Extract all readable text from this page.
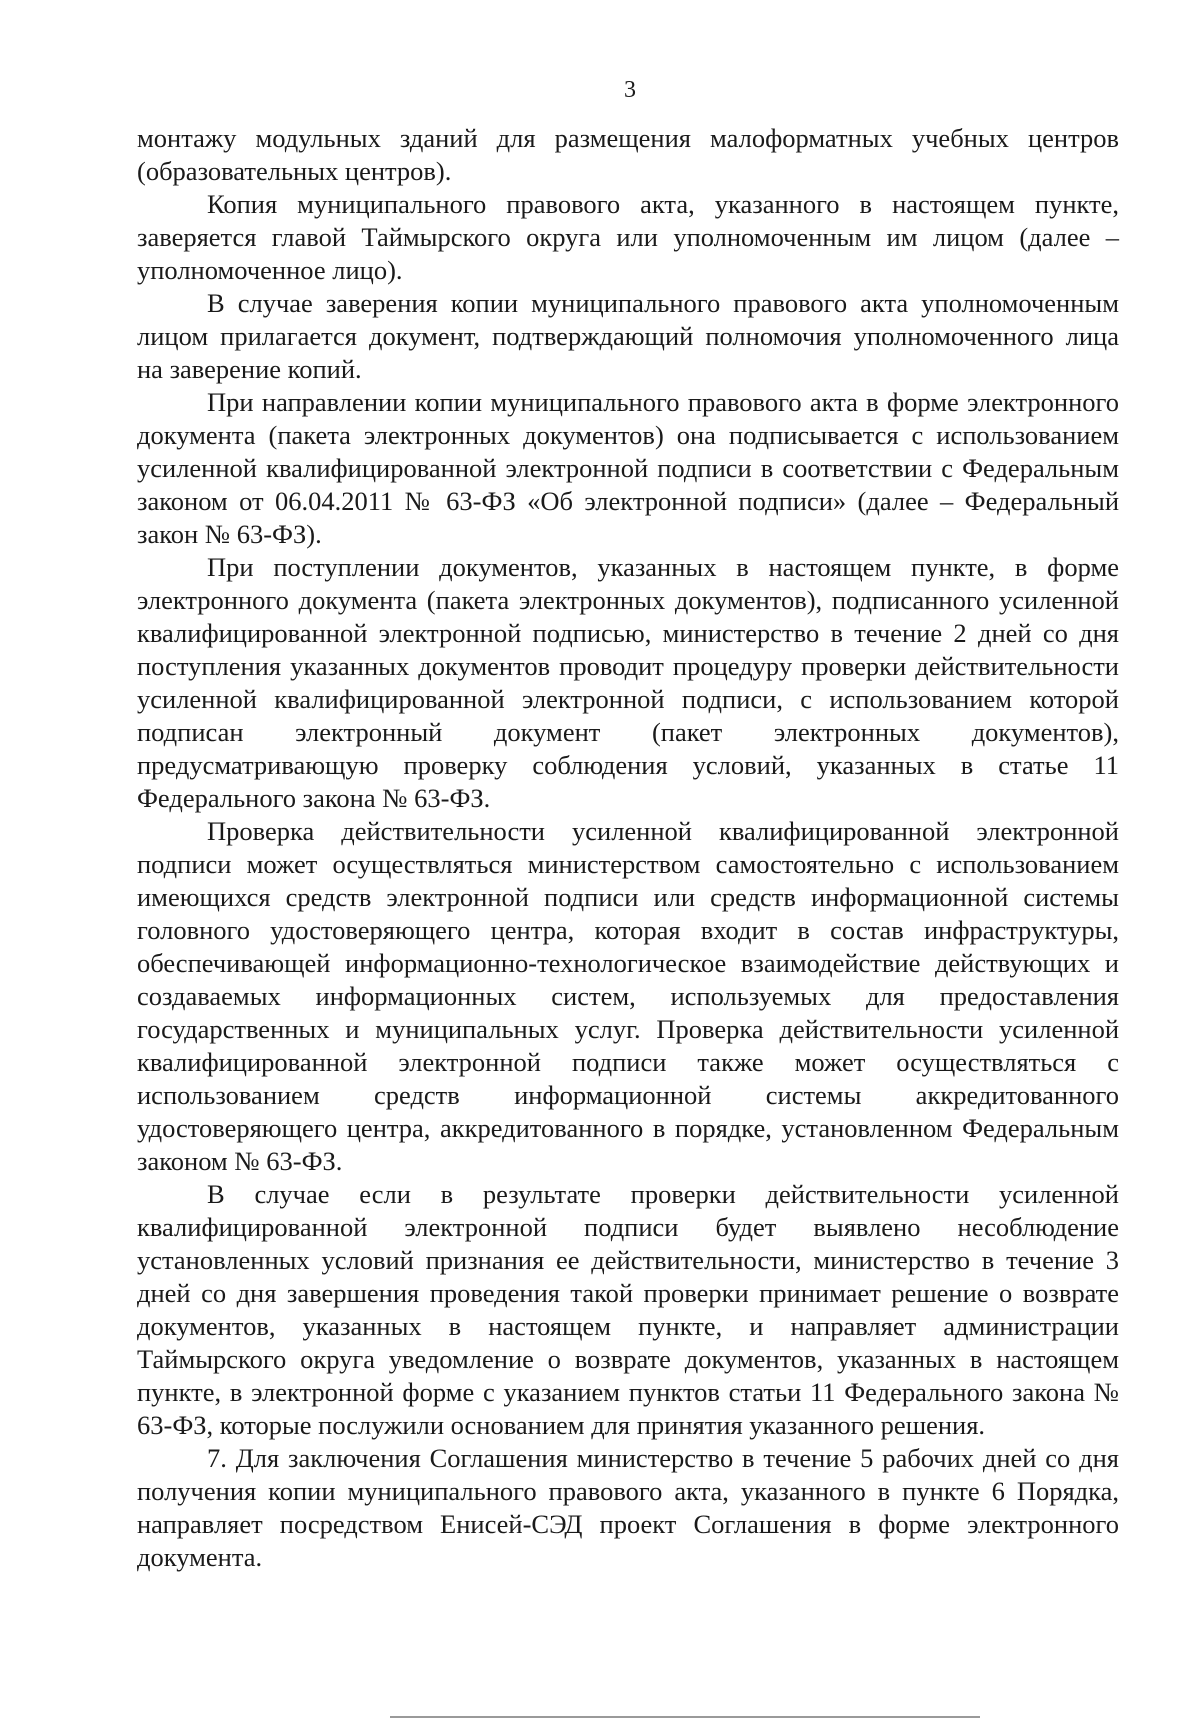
3

монтажу модульных зданий для размещения малоформатных учебных центров (образовательных центров).

Копия муниципального правового акта, указанного в настоящем пункте, заверяется главой Таймырского округа или уполномоченным им лицом (далее – уполномоченное лицо).

В случае заверения копии муниципального правового акта уполномоченным лицом прилагается документ, подтверждающий полномочия уполномоченного лица на заверение копий.

При направлении копии муниципального правового акта в форме электронного документа (пакета электронных документов) она подписывается с использованием усиленной квалифицированной электронной подписи в соответствии с Федеральным законом от 06.04.2011 № 63-ФЗ «Об электронной подписи» (далее – Федеральный закон № 63-ФЗ).

При поступлении документов, указанных в настоящем пункте, в форме электронного документа (пакета электронных документов), подписанного усиленной квалифицированной электронной подписью, министерство в течение 2 дней со дня поступления указанных документов проводит процедуру проверки действительности усиленной квалифицированной электронной подписи, с использованием которой подписан электронный документ (пакет электронных документов), предусматривающую проверку соблюдения условий, указанных в статье 11 Федерального закона № 63-ФЗ.

Проверка действительности усиленной квалифицированной электронной подписи может осуществляться министерством самостоятельно с использованием имеющихся средств электронной подписи или средств информационной системы головного удостоверяющего центра, которая входит в состав инфраструктуры, обеспечивающей информационно-технологическое взаимодействие действующих и создаваемых информационных систем, используемых для предоставления государственных и муниципальных услуг. Проверка действительности усиленной квалифицированной электронной подписи также может осуществляться с использованием средств информационной системы аккредитованного удостоверяющего центра, аккредитованного в порядке, установленном Федеральным законом № 63-ФЗ.

В случае если в результате проверки действительности усиленной квалифицированной электронной подписи будет выявлено несоблюдение установленных условий признания ее действительности, министерство в течение 3 дней со дня завершения проведения такой проверки принимает решение о возврате документов, указанных в настоящем пункте, и направляет администрации Таймырского округа уведомление о возврате документов, указанных в настоящем пункте, в электронной форме с указанием пунктов статьи 11 Федерального закона № 63-ФЗ, которые послужили основанием для принятия указанного решения.

7. Для заключения Соглашения министерство в течение 5 рабочих дней со дня получения копии муниципального правового акта, указанного в пункте 6 Порядка, направляет посредством Енисей-СЭД проект Соглашения в форме электронного документа.
